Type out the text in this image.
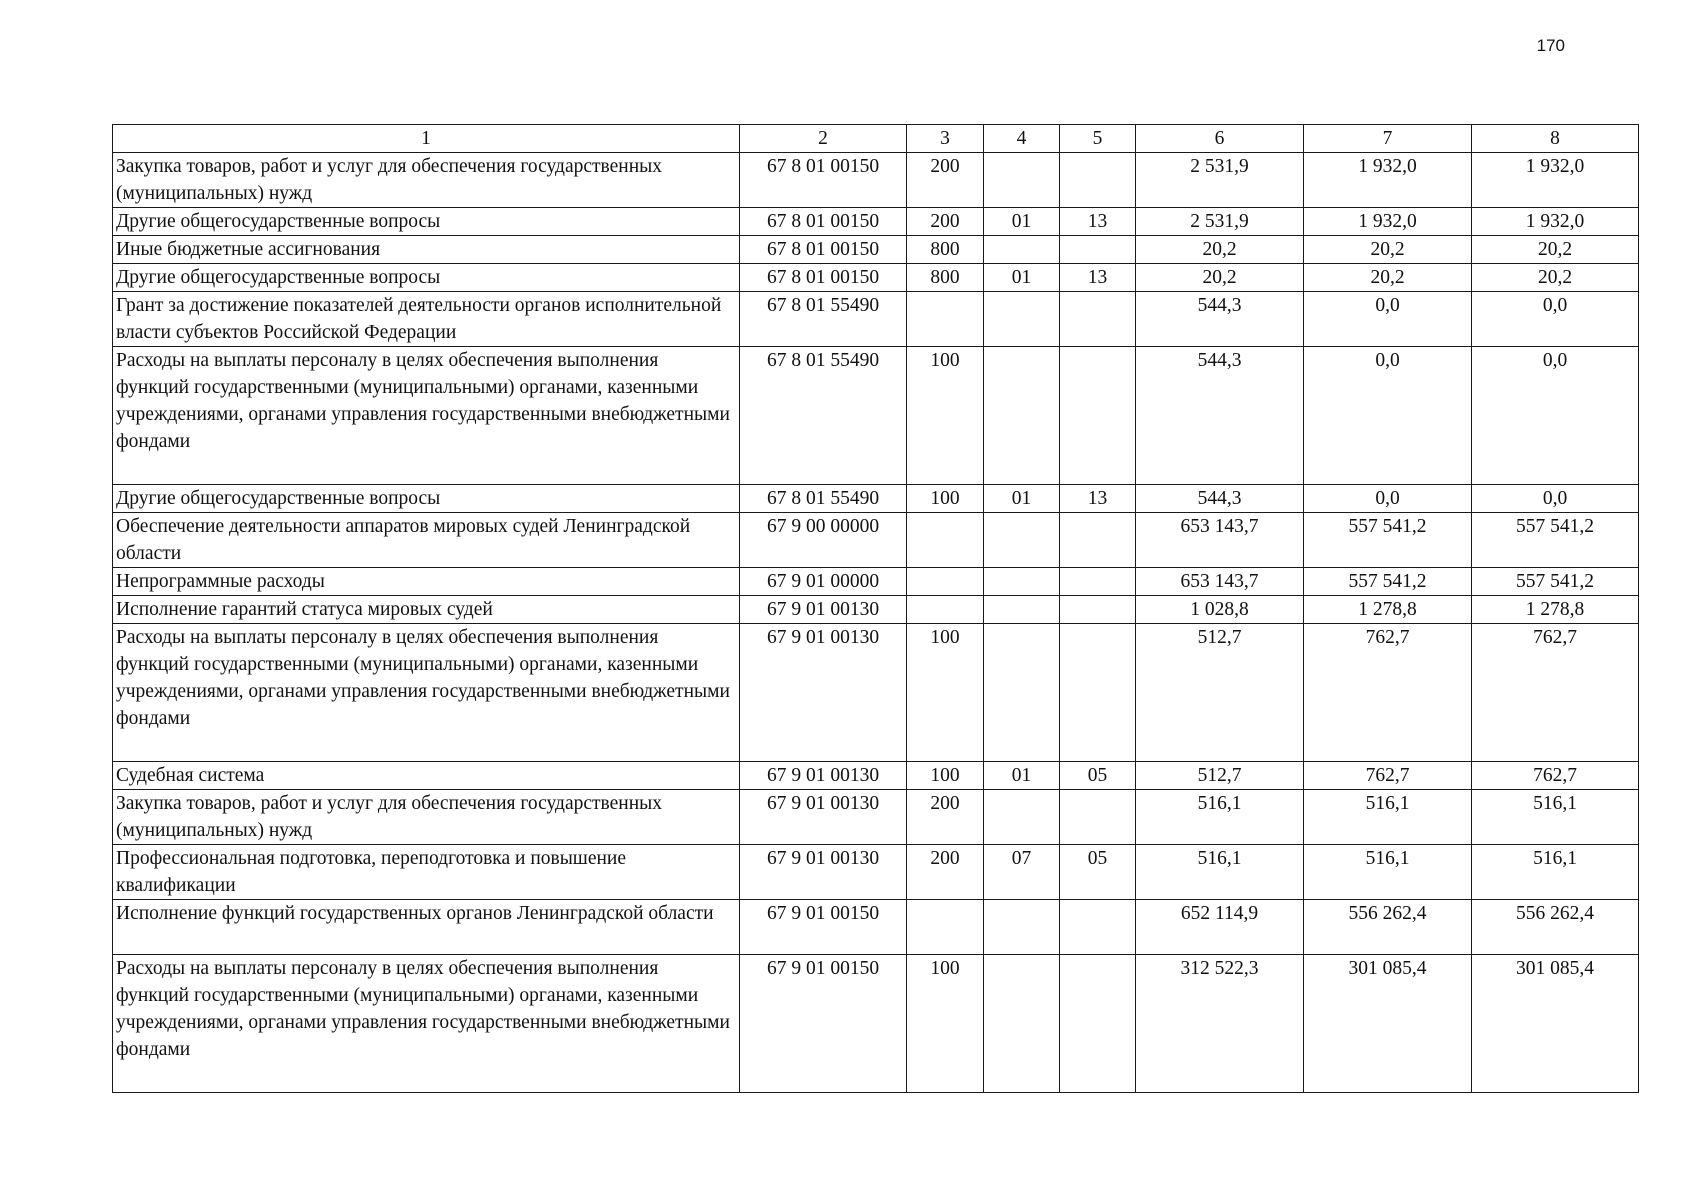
170
1	2	3	4	5	6	7	8
Закупка товаров, работ и услуг для обеспечения государственных (муниципальных) нужд	67 8 01 00150	200			2 531,9	1 932,0	1 932,0
Другие общегосударственные вопросы	67 8 01 00150	200	01	13	2 531,9	1 932,0	1 932,0
Иные бюджетные ассигнования	67 8 01 00150	800			20,2	20,2	20,2
Другие общегосударственные вопросы	67 8 01 00150	800	01	13	20,2	20,2	20,2
Грант за достижение показателей деятельности органов исполнительной власти субъектов Российской Федерации	67 8 01 55490				544,3	0,0	0,0
Расходы на выплаты персоналу в целях обеспечения выполнения функций государственными (муниципальными) органами, казенными учреждениями, органами управления государственными внебюджетными фондами	67 8 01 55490	100			544,3	0,0	0,0
Другие общегосударственные вопросы	67 8 01 55490	100	01	13	544,3	0,0	0,0
Обеспечение деятельности аппаратов мировых судей Ленинградской области	67 9 00 00000				653 143,7	557 541,2	557 541,2
Непрограммные расходы	67 9 01 00000				653 143,7	557 541,2	557 541,2
Исполнение гарантий статуса мировых судей	67 9 01 00130				1 028,8	1 278,8	1 278,8
Расходы на выплаты персоналу в целях обеспечения выполнения функций государственными (муниципальными) органами, казенными учреждениями, органами управления государственными внебюджетными фондами	67 9 01 00130	100			512,7	762,7	762,7
Судебная система	67 9 01 00130	100	01	05	512,7	762,7	762,7
Закупка товаров, работ и услуг для обеспечения государственных (муниципальных) нужд	67 9 01 00130	200			516,1	516,1	516,1
Профессиональная подготовка, переподготовка и повышение квалификации	67 9 01 00130	200	07	05	516,1	516,1	516,1
Исполнение функций государственных органов Ленинградской области	67 9 01 00150				652 114,9	556 262,4	556 262,4
Расходы на выплаты персоналу в целях обеспечения выполнения функций государственными (муниципальными) органами, казенными учреждениями, органами управления государственными внебюджетными фондами	67 9 01 00150	100			312 522,3	301 085,4	301 085,4
